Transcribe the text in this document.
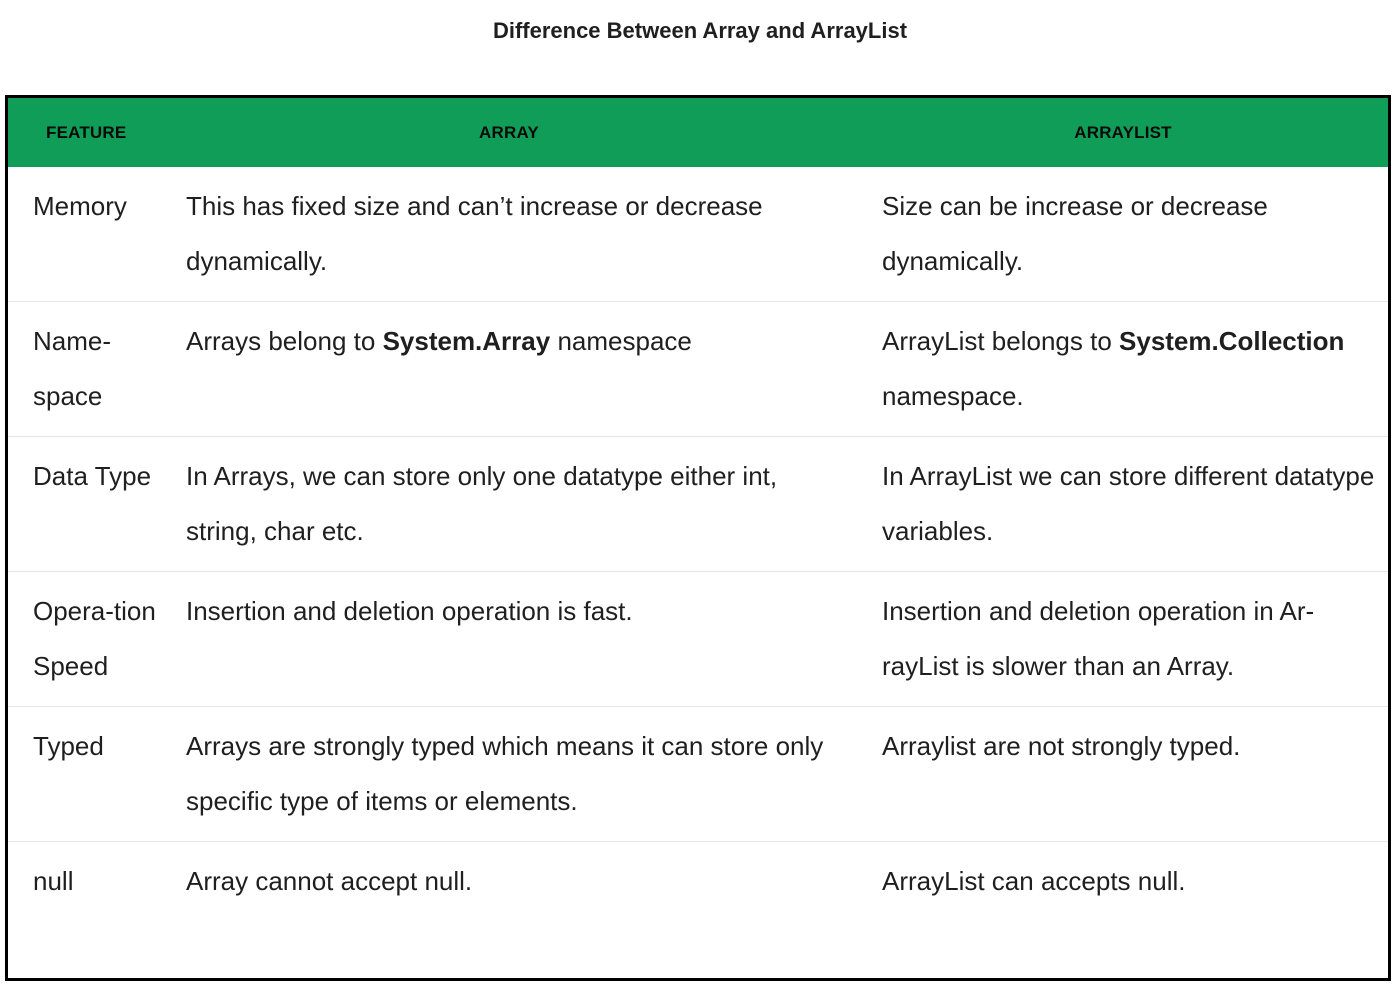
Difference Between Array and ArrayList
FEATURE	ARRAY	ARRAYLIST
Memory	This has fixed size and can’t increase or decrease dynamically.	Size can be increase or decrease dynamically.
Name-space	Arrays belong to System.Array namespace	ArrayList belongs to System.Collection namespace.
Data Type	In Arrays, we can store only one datatype either int, string, char etc.	In ArrayList we can store different datatype variables.
Opera-tion Speed	Insertion and deletion operation is fast.	Insertion and deletion operation in Ar-rayList is slower than an Array.
Typed	Arrays are strongly typed which means it can store only specific type of items or elements.	Arraylist are not strongly typed.
null	Array cannot accept null.	ArrayList can accepts null.
